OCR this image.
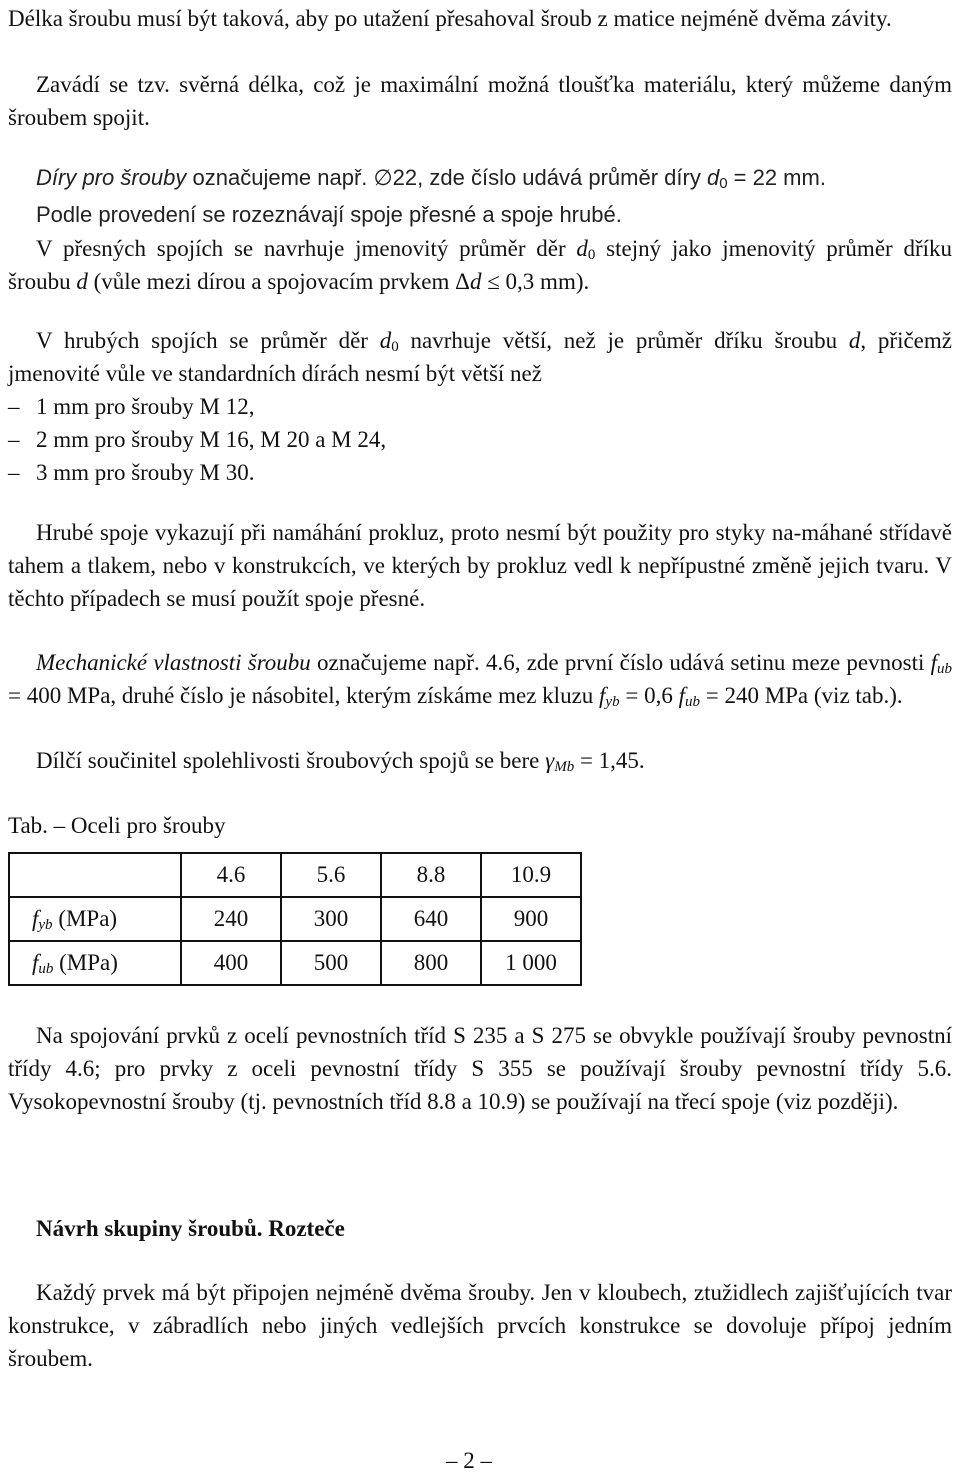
Délka šroubu musí být taková, aby po utažení přesahoval šroub z matice nejméně dvěma závity.

Zavádí se tzv. svěrná délka, což je maximální možná tloušťka materiálu, který můžeme daným šroubem spojit.

Díry pro šrouby označujeme např. ∅22, zde číslo udává průměr díry $d_0 = 22$ mm.

Podle provedení se rozeznávají spoje přesné a spoje hrubé.

V přesných spojích se navrhuje jmenovitý průměr děr $d_0$ stejný jako jmenovitý průměr dříku šroubu d (vůle mezi dírou a spojovacím prvkem Δd ≤ 0,3 mm).

V hrubých spojích se průměr děr $d_0$ navrhuje větší, než je průměr dříku šroubu d, přičemž jmenovité vůle ve standardních dírách nesmí být větší než

– 1 mm pro šrouby M 12,
– 2 mm pro šrouby M 16, M 20 a M 24,
– 3 mm pro šrouby M 30.

Hrubé spoje vykazují při namáhání prokluz, proto nesmí být použity pro styky na-máhané střídavě tahem a tlakem, nebo v konstrukcích, ve kterých by prokluz vedl k nepřípustné změně jejich tvaru. V těchto případech se musí použít spoje přesné.

Mechanické vlastnosti šroubu označujeme např. 4.6, zde první číslo udává setinu meze pevnosti $f_{ub} = 400$ MPa, druhé číslo je násobitel, kterým získáme mez kluzu $f_{yb} = 0,6$ $f_{ub} = 240$ MPa (viz tab.).

Dílčí součinitel spolehlivosti šroubových spojů se bere $\gamma_{Mb} = 1,45$.

Tab. – Oceli pro šrouby

	4.6	5.6	8.8	10.9
$f_{yb}$ (MPa)	240	300	640	900
$f_{ub}$ (MPa)	400	500	800	1 000

Na spojování prvků z ocelí pevnostních tříd S 235 a S 275 se obvykle používají šrouby pevnostní třídy 4.6; pro prvky z oceli pevnostní třídy S 355 se používají šrouby pevnostní třídy 5.6. Vysokopevnostní šrouby (tj. pevnostních tříd 8.8 a 10.9) se používají na třecí spoje (viz později).

Návrh skupiny šroubů. Rozteče

Každý prvek má být připojen nejméně dvěma šrouby. Jen v kloubech, ztužidlech zajišťujících tvar konstrukce, v zábradlích nebo jiných vedlejších prvcích konstrukce se dovoluje přípoj jedním šroubem.

– 2 –
